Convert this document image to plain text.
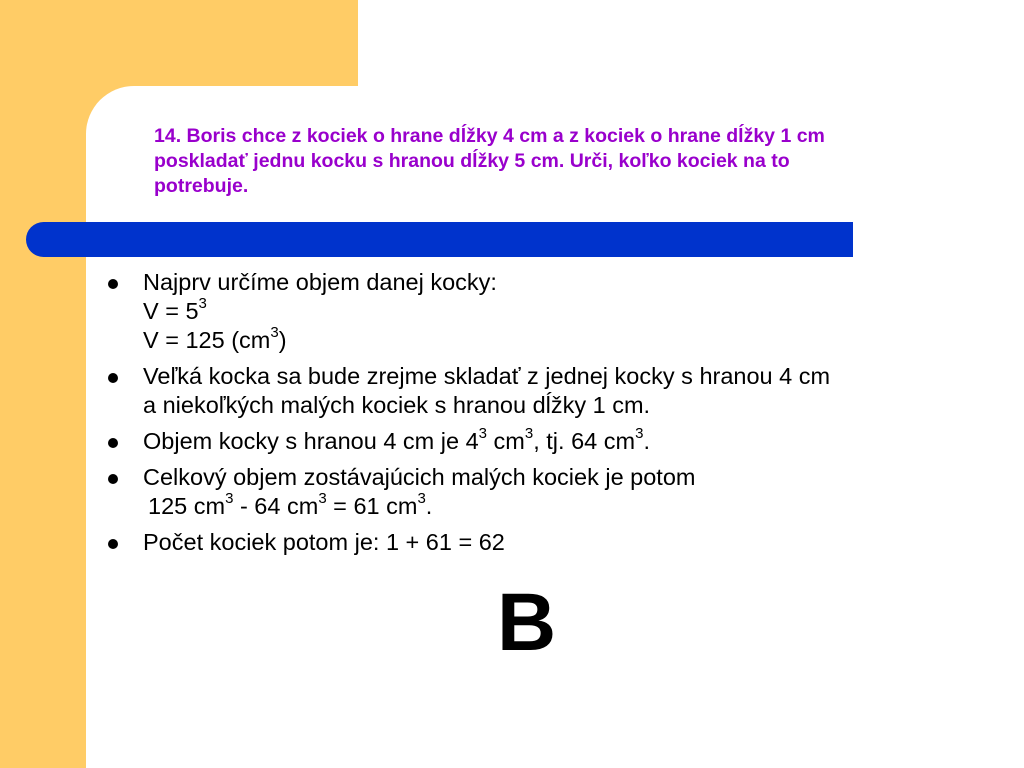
14. Boris chce z kociek o hrane dĺžky 4 cm a z kociek o hrane dĺžky 1 cm
poskladať jednu kocku s hranou dĺžky 5 cm. Urči, koľko kociek na to
potrebuje.
Najprv určíme objem danej kocky:
$V = 5^3$
V = 125 $(cm^3)$
Veľká kocka sa bude zrejme skladať z jednej kocky s hranou 4 cm
a niekoľkých malých kociek s hranou dĺžky 1 cm.
Objem kocky s hranou 4 cm je $4^3$ $cm^3$, tj. 64 $cm^3$.
Celkový objem zostávajúcich malých kociek je potom
125 $cm^3 - 64$ $cm^3 = 61$ $cm^3$.
Počet kociek potom je: 1 + 61 = 62
B
